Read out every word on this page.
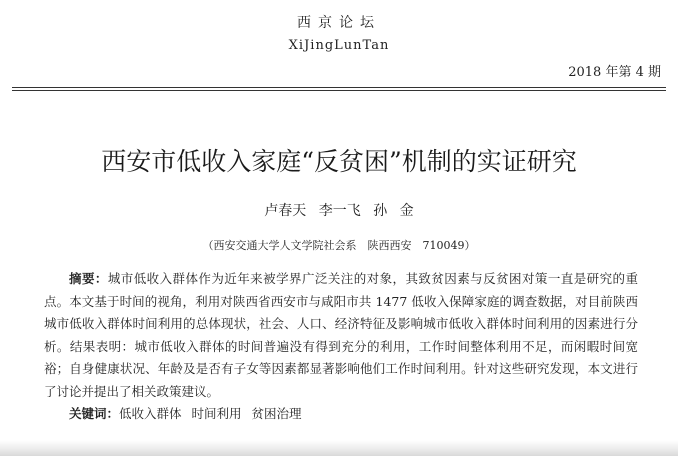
西京论坛
XiJingLunTan
2018 年第 4 期
西安市低收入家庭“反贫困”机制的实证研究
卢春天 李一飞 孙 金
（西安交通大学人文学院社会系　陕西西安　710049）
摘要：城市低收入群体作为近年来被学界广泛关注的对象，其致贫因素与反贫困对策一直是研究的重点。本文基于时间的视角，利用对陕西省西安市与咸阳市共 1477 低收入保障家庭的调查数据，对目前陕西城市低收入群体时间利用的总体现状，社会、人口、经济特征及影响城市低收入群体时间利用的因素进行分析。结果表明：城市低收入群体的时间普遍没有得到充分的利用，工作时间整体利用不足，而闲暇时间宽裕；自身健康状况、年龄及是否有子女等因素都显著影响他们工作时间利用。针对这些研究发现，本文进行了讨论并提出了相关政策建议。
关键词：低收入群体 时间利用 贫困治理
